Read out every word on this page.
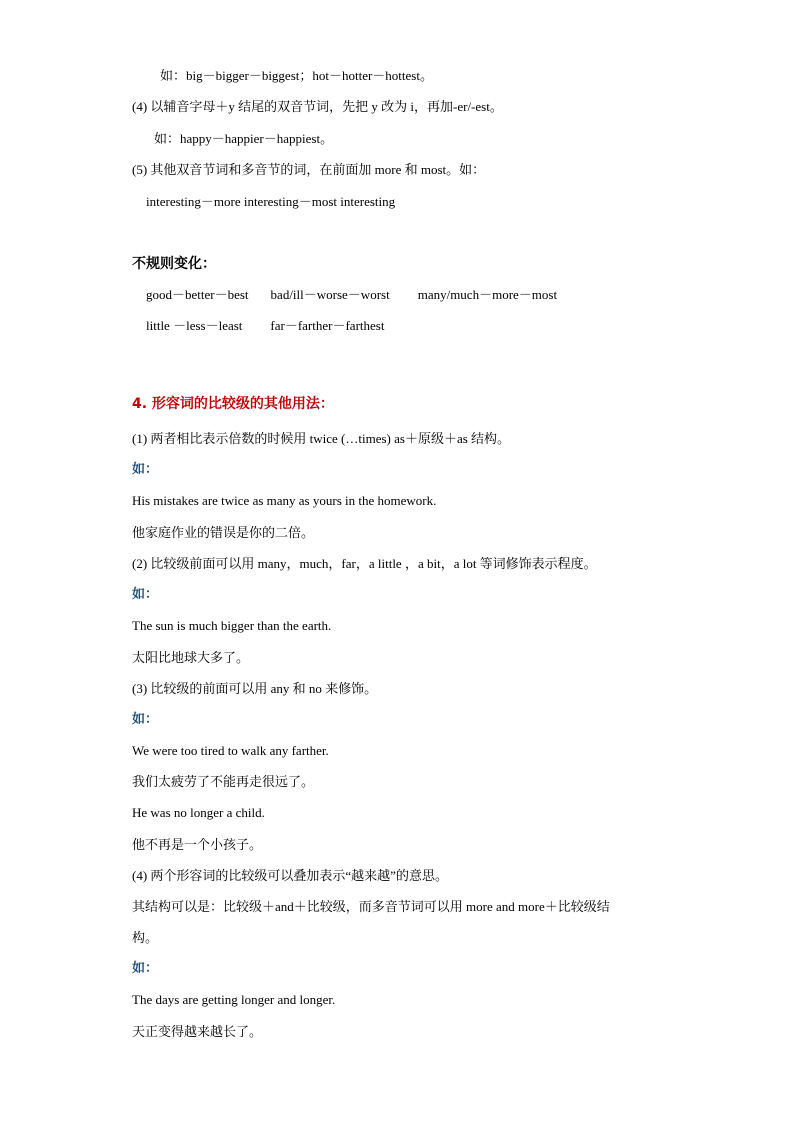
如：big－bigger－biggest；hot－hotter－hottest。
(4) 以辅音字母＋y 结尾的双音节词，先把 y 改为 i，再加-er/-est。
如：happy－happier－happiest。
(5) 其他双音节词和多音节的词，在前面加 more 和 most。如：
interesting－more interesting－most interesting
不规则变化：
good－better－best bad/ill－worse－worst many/much－more－most
little －less－least far－farther－farthest
4. 形容词的比较级的其他用法：
(1) 两者相比表示倍数的时候用 twice (…times) as＋原级＋as 结构。
如：
His mistakes are twice as many as yours in the homework.
他家庭作业的错误是你的二倍。
(2) 比较级前面可以用 many，much，far，a little ，a bit，a lot 等词修饰表示程度。
如：
The sun is much bigger than the earth.
太阳比地球大多了。
(3) 比较级的前面可以用 any 和 no 来修饰。
如：
We were too tired to walk any farther.
我们太疲劳了不能再走很远了。
He was no longer a child.
他不再是一个小孩子。
(4) 两个形容词的比较级可以叠加表示“越来越”的意思。
其结构可以是：比较级＋and＋比较级，而多音节词可以用 more and more＋比较级结
构。
如：
The days are getting longer and longer.
天正变得越来越长了。
